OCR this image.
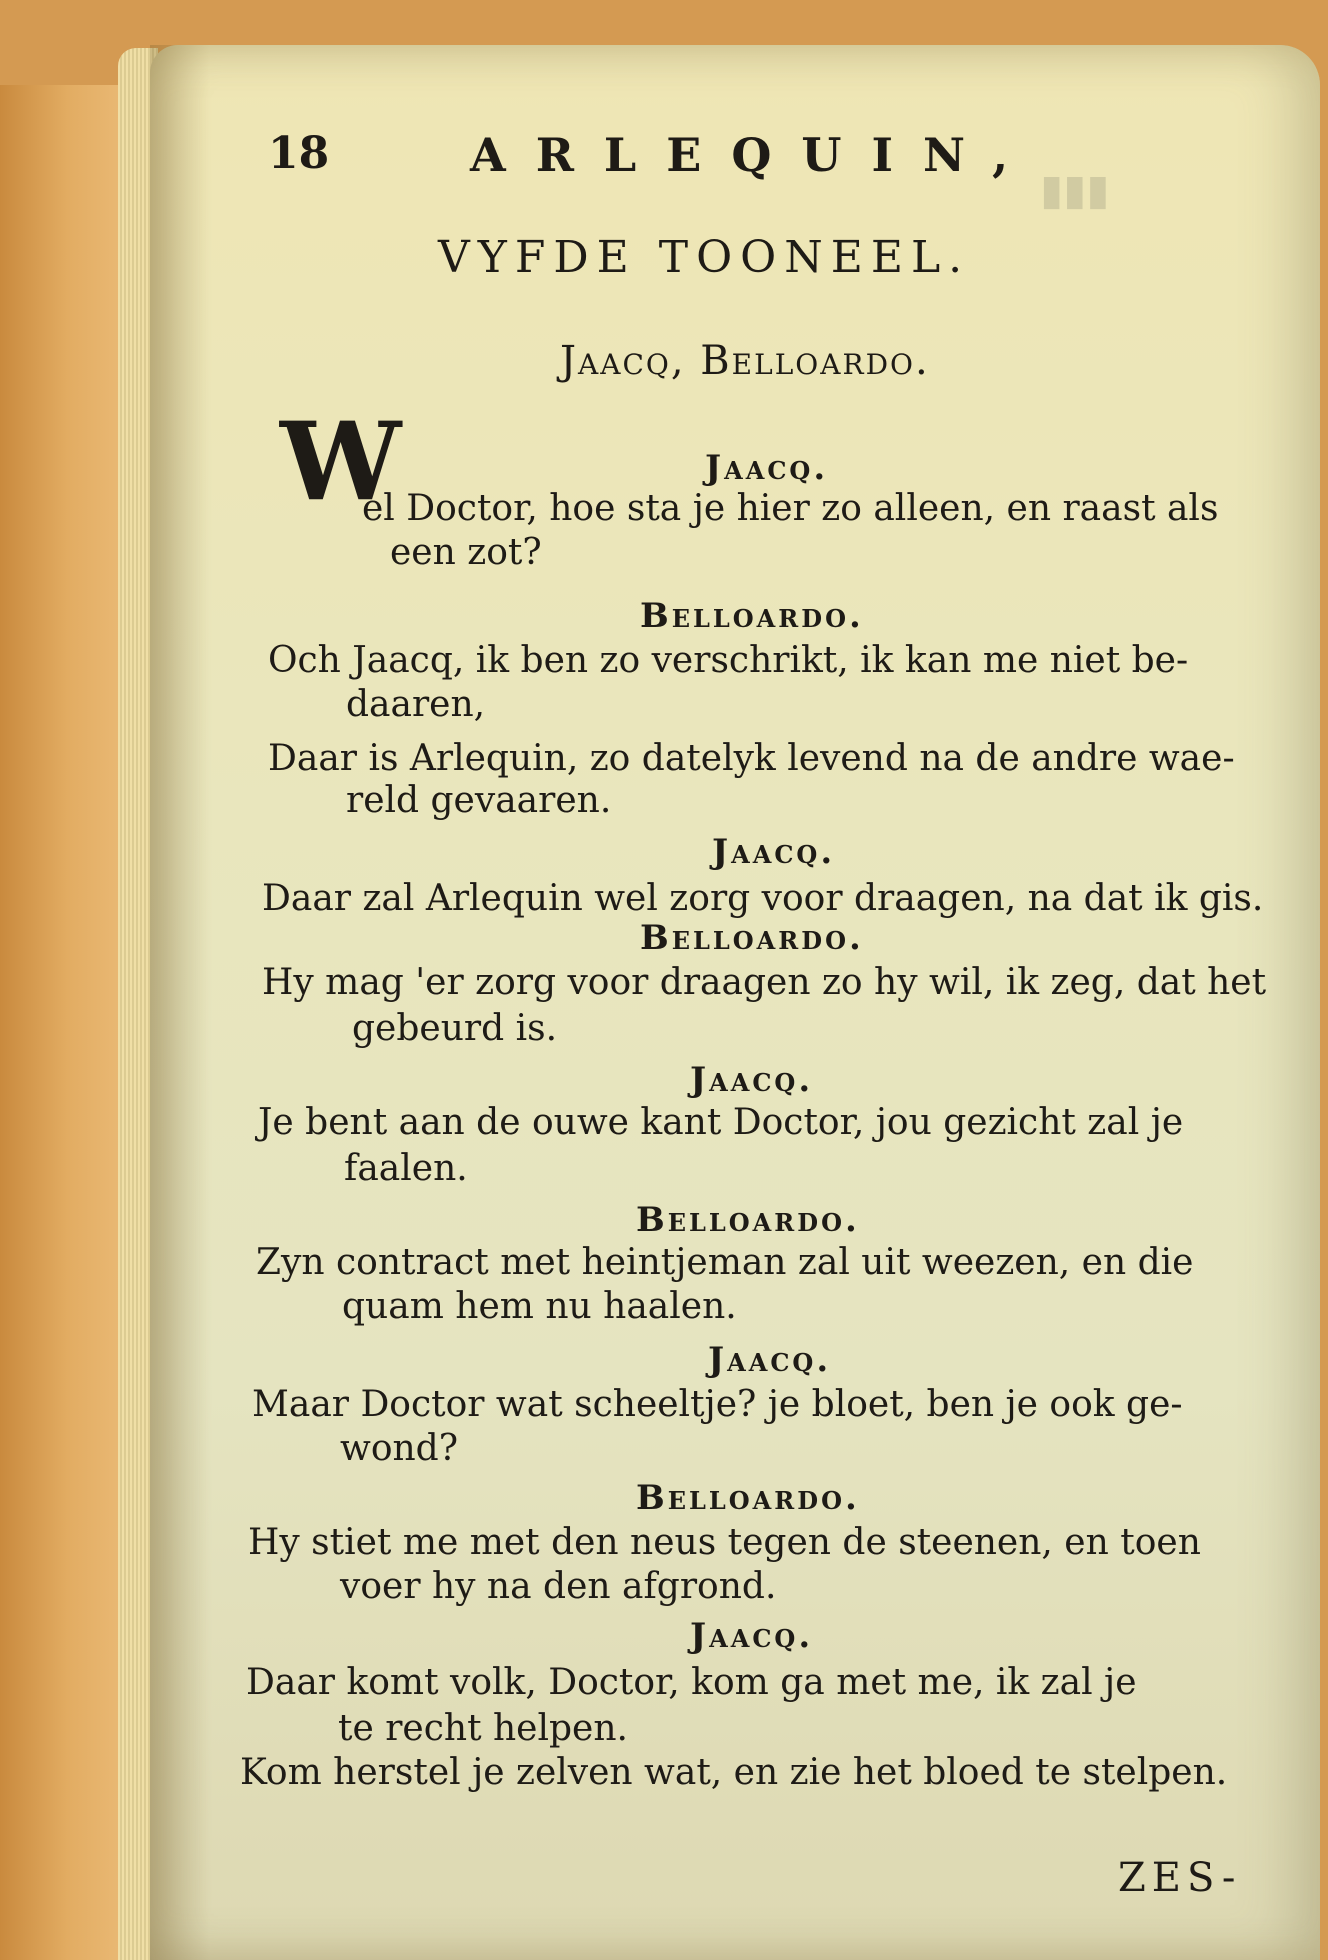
▮▮▮
18	ARLEQUIN,
VYFDE TOONEEL.
Jaacq, Belloardo.
W	Jaacq.
el Doctor, hoe sta je hier zo alleen, en raast als
een zot?
Belloardo.
Och Jaacq, ik ben zo verschrikt, ik kan me niet be-
daaren,
Daar is Arlequin, zo datelyk levend na de andre wae-
reld gevaaren.
Jaacq.
Daar zal Arlequin wel zorg voor draagen, na dat ik gis.
Belloardo.
Hy mag 'er zorg voor draagen zo hy wil, ik zeg, dat het
gebeurd is.
Jaacq.
Je bent aan de ouwe kant Doctor, jou gezicht zal je
faalen.
Belloardo.
Zyn contract met heintjeman zal uit weezen, en die
quam hem nu haalen.
Jaacq.
Maar Doctor wat scheeltje? je bloet, ben je ook ge-
wond?
Belloardo.
Hy stiet me met den neus tegen de steenen, en toen
voer hy na den afgrond.
Jaacq.
Daar komt volk, Doctor, kom ga met me, ik zal je
te recht helpen.
Kom herstel je zelven wat, en zie het bloed te stelpen.
ZES-
